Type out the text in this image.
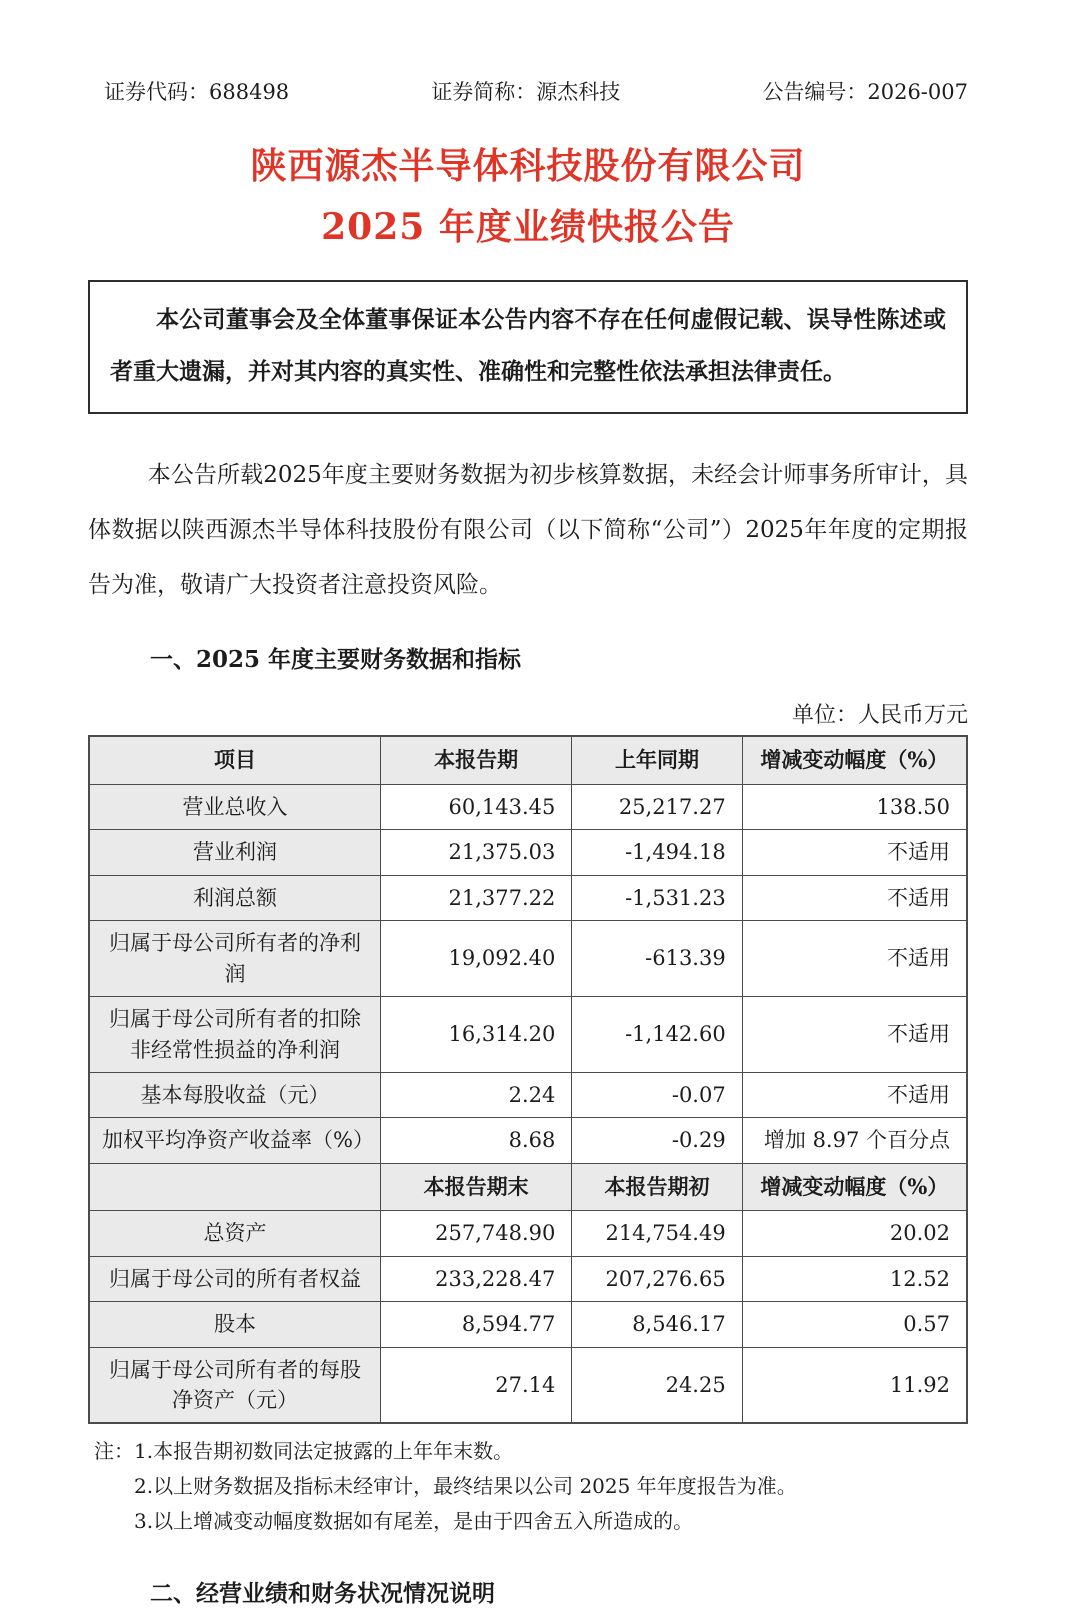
证券代码：688498	证券简称：源杰科技	公告编号：2026-007
陕西源杰半导体科技股份有限公司
2025 年度业绩快报公告
本公司董事会及全体董事保证本公告内容不存在任何虚假记载、误导性陈述或者重大遗漏，并对其内容的真实性、准确性和完整性依法承担法律责任。

本公告所载2025年度主要财务数据为初步核算数据，未经会计师事务所审计，具体数据以陕西源杰半导体科技股份有限公司（以下简称“公司”）2025年年度的定期报告为准，敬请广大投资者注意投资风险。

一、2025 年度主要财务数据和指标
单位：人民币万元
项目	本报告期	上年同期	增减变动幅度（%）
营业总收入	60,143.45	25,217.27	138.50
营业利润	21,375.03	-1,494.18	不适用
利润总额	21,377.22	-1,531.23	不适用
归属于母公司所有者的净利润	19,092.40	-613.39	不适用
归属于母公司所有者的扣除非经常性损益的净利润	16,314.20	-1,142.60	不适用
基本每股收益（元）	2.24	-0.07	不适用
加权平均净资产收益率（%）	8.68	-0.29	增加 8.97 个百分点
	本报告期末	本报告期初	增减变动幅度（%）
总资产	257,748.90	214,754.49	20.02
归属于母公司的所有者权益	233,228.47	207,276.65	12.52
股本	8,594.77	8,546.17	0.57
归属于母公司所有者的每股净资产（元）	27.14	24.25	11.92
注：1.本报告期初数同法定披露的上年年末数。
2.以上财务数据及指标未经审计，最终结果以公司 2025 年年度报告为准。
3.以上增减变动幅度数据如有尾差，是由于四舍五入所造成的。
二、经营业绩和财务状况情况说明
